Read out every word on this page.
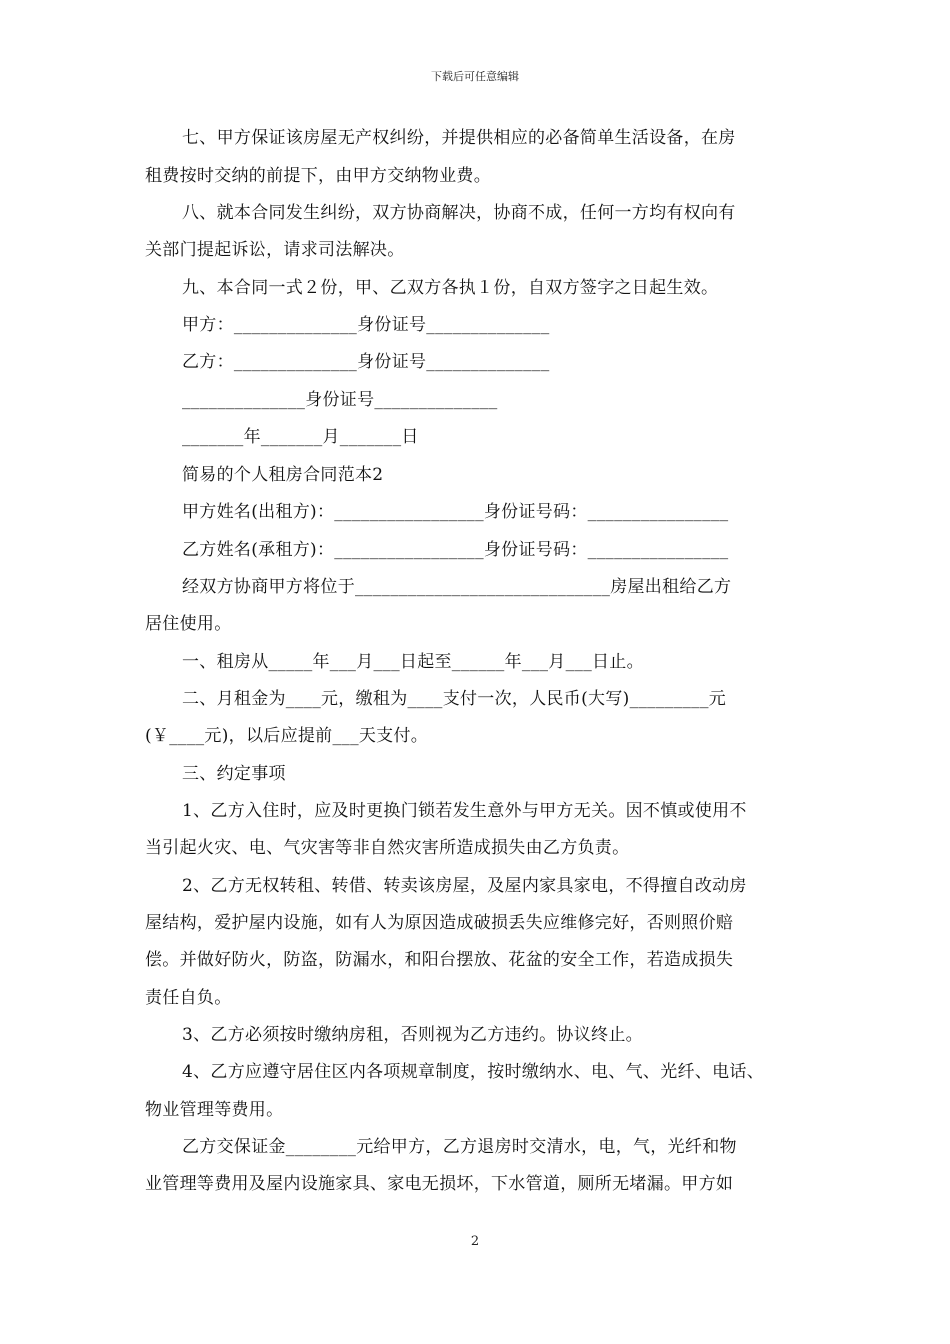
下载后可任意编辑
七、甲方保证该房屋无产权纠纷，并提供相应的必备简单生活设备，在房
租费按时交纳的前提下，由甲方交纳物业费。
八、就本合同发生纠纷，双方协商解决，协商不成，任何一方均有权向有
关部门提起诉讼，请求司法解决。
九、本合同一式２份，甲、乙双方各执１份，自双方签字之日起生效。
甲方：______________身份证号______________
乙方：______________身份证号______________
______________身份证号______________
_______年_______月_______日
简易的个人租房合同范本2
甲方姓名(出租方)：_________________身份证号码：________________
乙方姓名(承租方)：_________________身份证号码：________________
经双方协商甲方将位于_____________________________房屋出租给乙方
居住使用。
一、租房从_____年___月___日起至______年___月___日止。
二、月租金为____元，缴租为____支付一次，人民币(大写)_________元
(￥____元)，以后应提前___天支付。
三、约定事项
1、乙方入住时，应及时更换门锁若发生意外与甲方无关。因不慎或使用不
当引起火灾、电、气灾害等非自然灾害所造成损失由乙方负责。
2、乙方无权转租、转借、转卖该房屋，及屋内家具家电，不得擅自改动房
屋结构，爱护屋内设施，如有人为原因造成破损丢失应维修完好，否则照价赔
偿。并做好防火，防盗，防漏水，和阳台摆放、花盆的安全工作，若造成损失
责任自负。
3、乙方必须按时缴纳房租，否则视为乙方违约。协议终止。
4、乙方应遵守居住区内各项规章制度，按时缴纳水、电、气、光纤、电话、
物业管理等费用。
乙方交保证金________元给甲方，乙方退房时交清水，电，气，光纤和物
业管理等费用及屋内设施家具、家电无损坏，下水管道，厕所无堵漏。甲方如
2
